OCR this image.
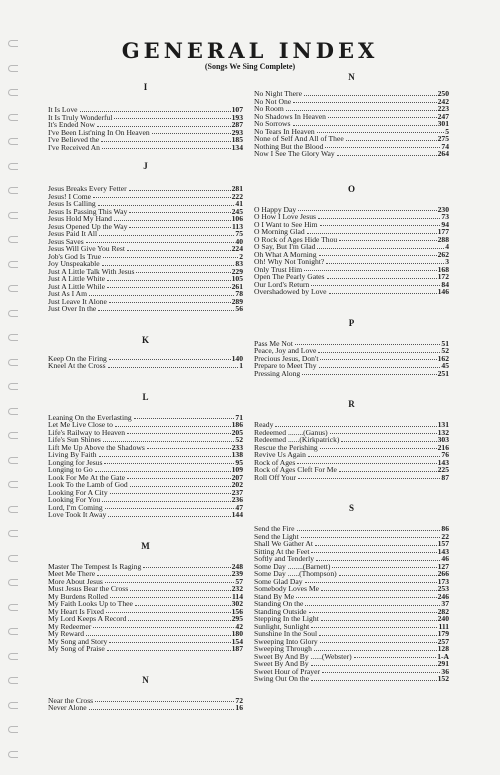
GENERAL INDEX
(Songs We Sing Complete)
I
It Is Love	107
It Is Truly Wonderful	193
It's Ended Now	287
I've Been List'ning In On Heaven	293
I've Believed the	185
I've Received An	134
J
Jesus Breaks Every Fetter	281
Jesus! I Come	222
Jesus Is Calling	41
Jesus Is Passing This Way	245
Jesus Hold My Hand	106
Jesus Opened Up the Way	113
Jesus Paid It All	75
Jesus Saves	40
Jesus Will Give You Rest	224
Job's God Is True	2
Joy Unspeakable	83
Just A Little Talk With Jesus	229
Just A Little White	105
Just A Little While	261
Just As I Am	78
Just Leave It Alone	289
Just Over In the	56
K
Keep On the Firing	140
Kneel At the Cross	1
L
Leaning On the Everlasting	71
Let Me Live Close to	186
Life's Railway to Heaven	205
Life's Sun Shines	52
Lift Me Up Above the Shadows	233
Living By Faith	138
Longing for Jesus	95
Longing to Go	109
Look For Me At the Gate	207
Look To the Lamb of God	202
Looking For A City	237
Looking For You	236
Lord, I'm Coming	47
Love Took It Away	144
M
Master The Tempest Is Raging	248
Meet Me There	239
More About Jesus	57
Must Jesus Bear the Cross	232
My Burdens Rolled	114
My Faith Looks Up to Thee	302
My Heart Is Fixed	156
My Lord Keeps A Record	295
My Redeemer	42
My Reward	180
My Song and Story	154
My Song of Praise	187
N
Near the Cross	72
Never Alone	16
N
No Night There	250
No Not One	242
No Room	223
No Shadows In Heaven	247
No Sorrows	301
No Tears In Heaven	5
None of Self And All of Thee	275
Nothing But the Blood	74
Now I See The Glory Way	264
O
O Happy Day	230
O How I Love Jesus	73
O I Want to See Him	94
O Morning Glad	177
O Rock of Ages Hide Thou	288
O Say, But I'm Glad	4
Oh What A Morning	262
Oh! Why Not Tonight?	3
Only Trust Him	168
Open The Pearly Gates	172
Our Lord's Return	84
Overshadowed by Love	146
P
Pass Me Not	51
Peace, Joy and Love	52
Precious Jesus, Don't	162
Prepare to Meet Thy	45
Pressing Along	251
R
Ready	131
Redeemed ........(Ganus)	132
Redeemed ......(Kirkpatrick)	303
Rescue the Perishing	216
Revive Us Again	76
Rock of Ages	143
Rock of Ages Cleft For Me	225
Roll Off Your	87
S
Send the Fire	86
Send the Light	22
Shall We Gather At	157
Sitting At the Feet	143
Softly and Tenderly	46
Some Day ........(Barnett)	127
Some Day ......(Thompson)	266
Some Glad Day	173
Somebody Loves Me	253
Stand By Me	246
Standing On the	37
Standing Outside	282
Stepping In the Light	240
Sunlight, Sunlight	111
Sunshine In the Soul	179
Sweeping Into Glory	257
Sweeping Through	128
Sweet By And By ......(Webster)	1-A
Sweet By And By	291
Sweet Hour of Prayer	36
Swing Out On the	152
